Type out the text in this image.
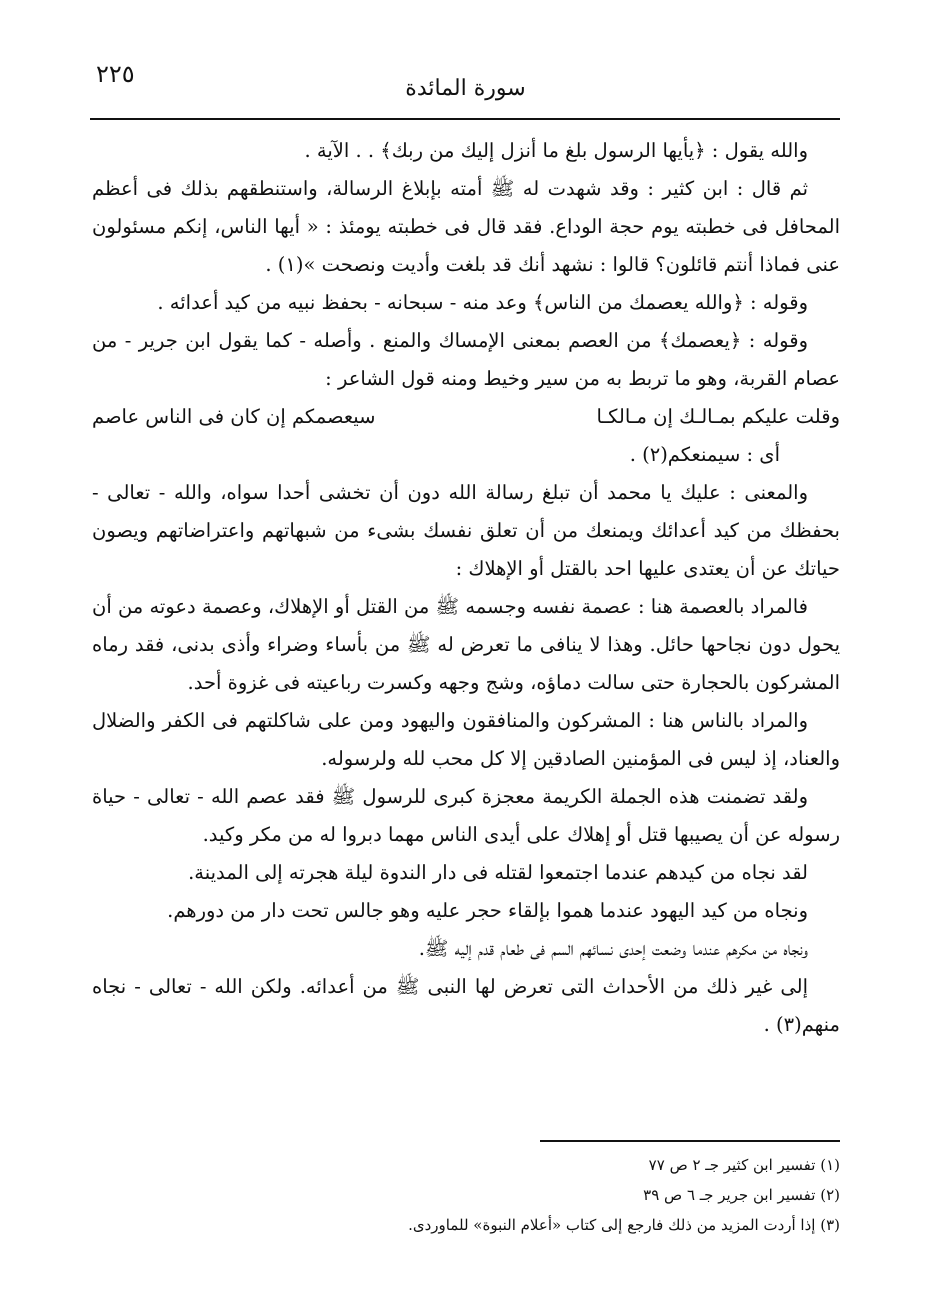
٢٢٥
سورة المائدة

والله يقول : ﴿يأيها الرسول بلغ ما أنزل إليك من ربك﴾ . . الآية .

ثم قال : ابن كثير : وقد شهدت له ﷺ أمته بإبلاغ الرسالة، واستنطقهم بذلك فى أعظم المحافل فى خطبته يوم حجة الوداع. فقد قال فى خطبته يومئذ : « أيها الناس، إنكم مسئولون عنى فماذا أنتم قائلون؟ قالوا : نشهد أنك قد بلغت وأديت ونصحت »(١) .

وقوله : ﴿والله يعصمك من الناس﴾ وعد منه - سبحانه - بحفظ نبيه من كيد أعدائه .

وقوله : ﴿يعصمك﴾ من العصم بمعنى الإمساك والمنع . وأصله - كما يقول ابن جرير - من عصام القربة، وهو ما تربط به من سير وخيط ومنه قول الشاعر :

وقلت عليكم بمـالـك إن مـالكـا
سيعصمكم إن كان فى الناس عاصم

أى : سيمنعكم(٢) .

والمعنى : عليك يا محمد أن تبلغ رسالة الله دون أن تخشى أحدا سواه، والله - تعالى - بحفظك من كيد أعدائك ويمنعك من أن تعلق نفسك بشىء من شبهاتهم واعتراضاتهم ويصون حياتك عن أن يعتدى عليها احد بالقتل أو الإهلاك :

فالمراد بالعصمة هنا : عصمة نفسه وجسمه ﷺ من القتل أو الإهلاك، وعصمة دعوته من أن يحول دون نجاحها حائل. وهذا لا ينافى ما تعرض له ﷺ من بأساء وضراء وأذى بدنى، فقد رماه المشركون بالحجارة حتى سالت دماؤه، وشج وجهه وكسرت رباعيته فى غزوة أحد.

والمراد بالناس هنا : المشركون والمنافقون واليهود ومن على شاكلتهم فى الكفر والضلال والعناد، إذ ليس فى المؤمنين الصادقين إلا كل محب لله ولرسوله.

ولقد تضمنت هذه الجملة الكريمة معجزة كبرى للرسول ﷺ فقد عصم الله - تعالى - حياة رسوله عن أن يصيبها قتل أو إهلاك على أيدى الناس مهما دبروا له من مكر وكيد.

لقد نجاه من كيدهم عندما اجتمعوا لقتله فى دار الندوة ليلة هجرته إلى المدينة.

ونجاه من كيد اليهود عندما هموا بإلقاء حجر عليه وهو جالس تحت دار من دورهم.

ونجاه من مكرهم عندما وضعت إحدى نسائهم السم فى طعام قدم إليه ﷺ.

إلى غير ذلك من الأحداث التى تعرض لها النبى ﷺ من أعدائه. ولكن الله - تعالى - نجاه منهم(٣) .

(١) تفسير ابن كثير جـ ٢ ص ٧٧

(٢) تفسير ابن جرير جـ ٦ ص ٣٩

(٣) إذا أردت المزيد من ذلك فارجع إلى كتاب «أعلام النبوة» للماوردى.
